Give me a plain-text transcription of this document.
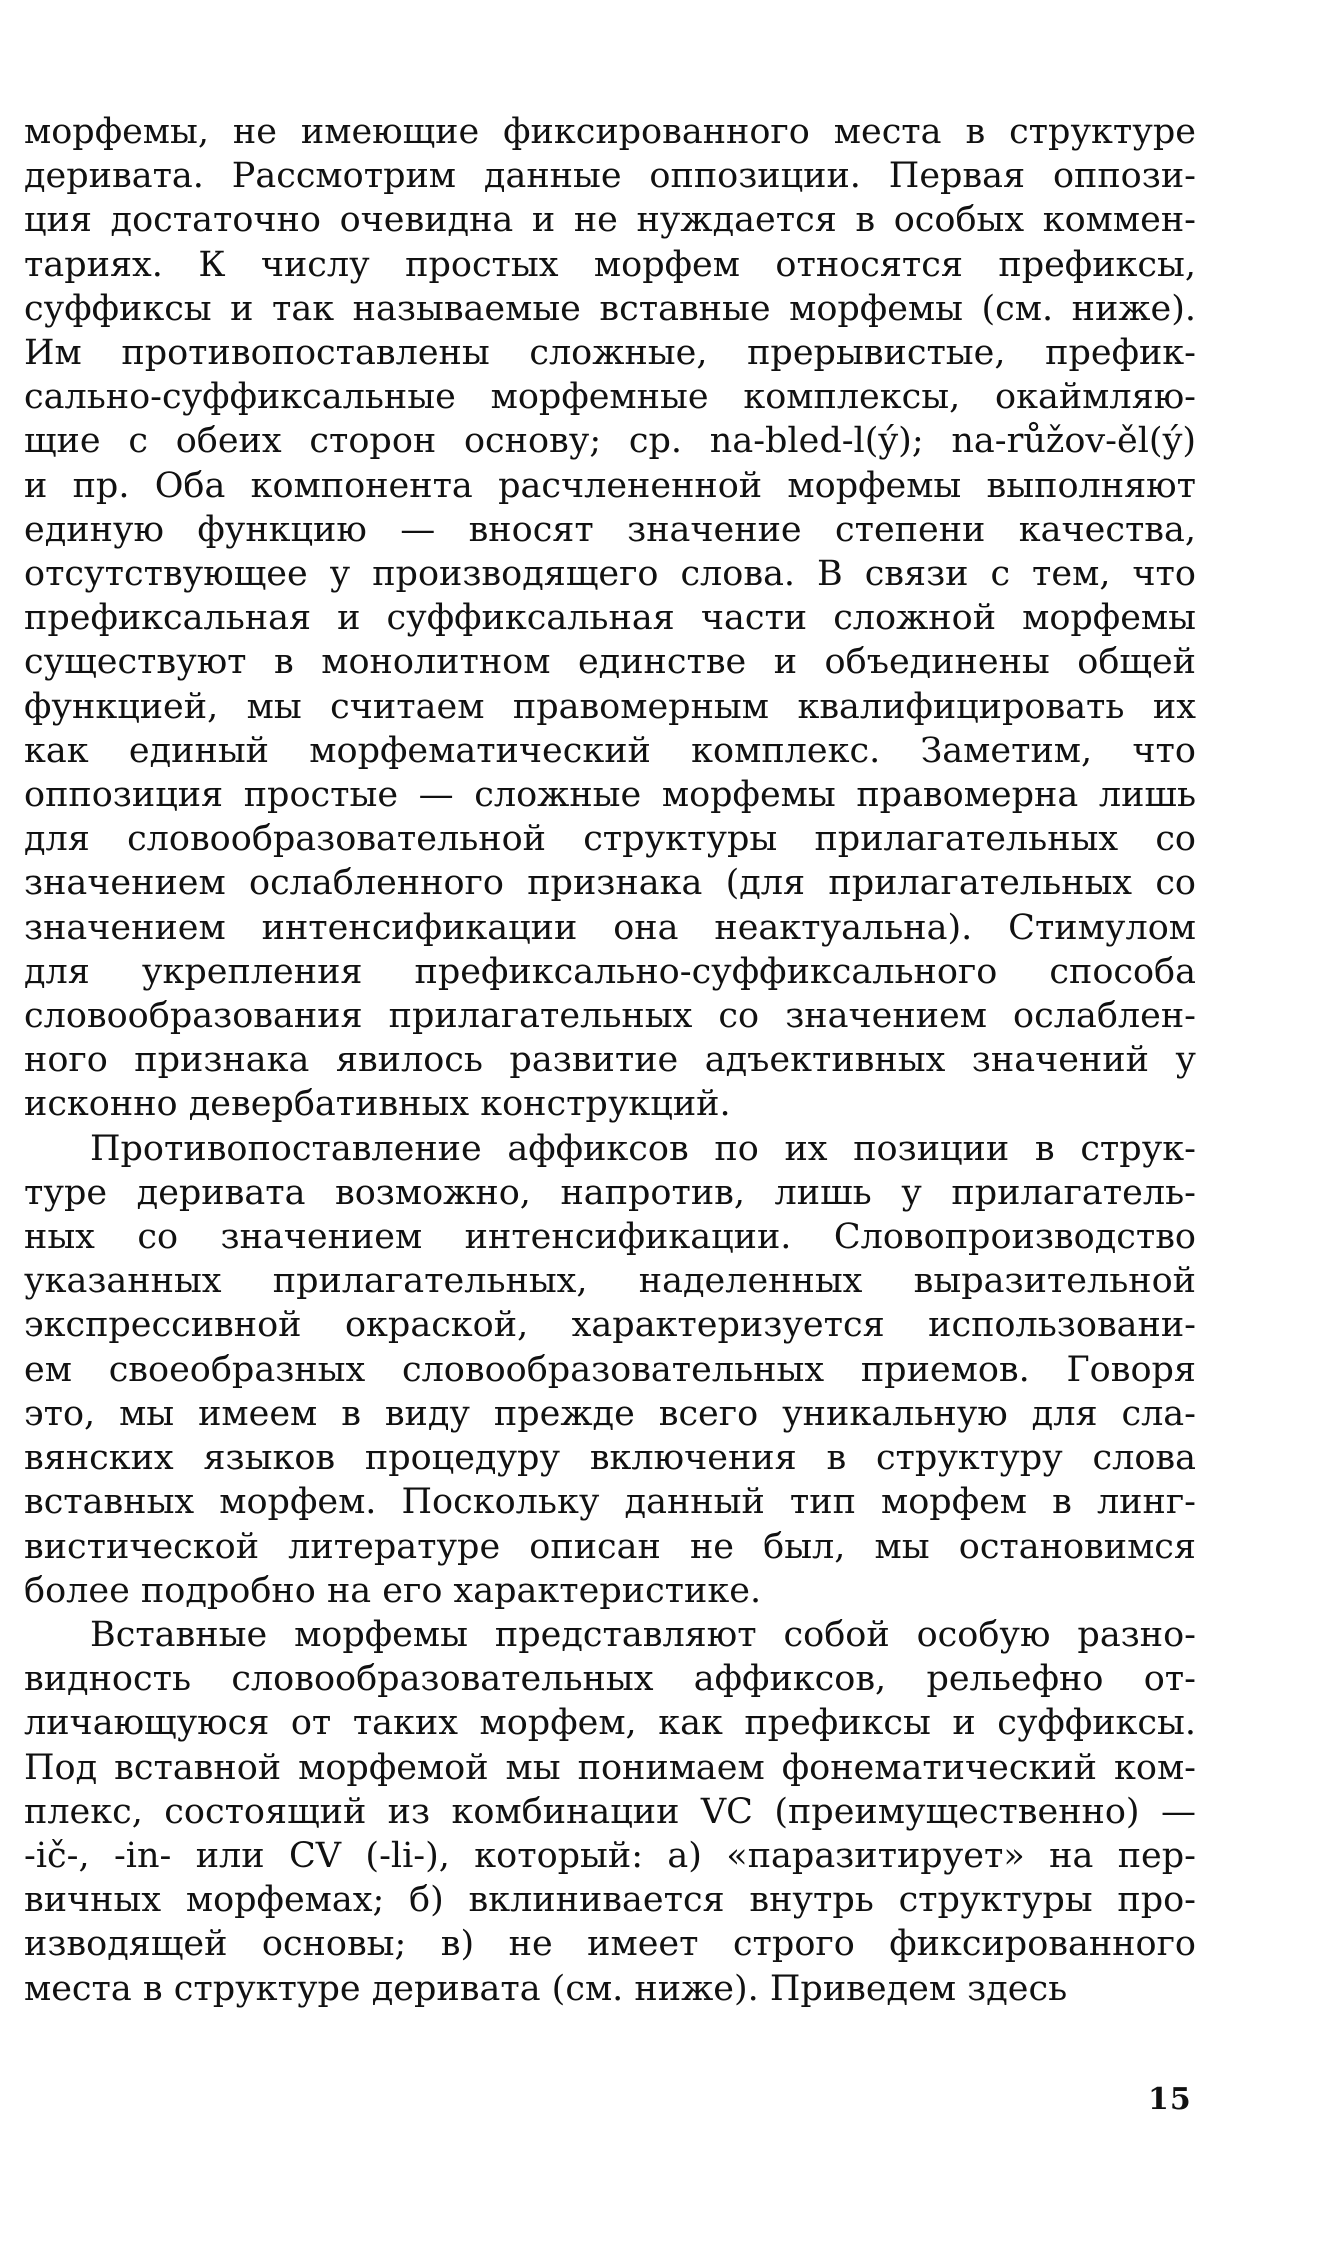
морфемы, не имеющие фиксированного места в структуре
деривата. Рассмотрим данные оппозиции. Первая оппози-
ция достаточно очевидна и не нуждается в особых коммен-
тариях. К числу простых морфем относятся префиксы,
суффиксы и так называемые вставные морфемы (см. ниже).
Им противопоставлены сложные, прерывистые, префик-
сально-суффиксальные морфемные комплексы, окаймляю-
щие с обеих сторон основу; ср. na-bled-l(ý); na-růžov-ěl(ý)
и пр. Оба компонента расчлененной морфемы выполняют
единую функцию — вносят значение степени качества,
отсутствующее у производящего слова. В связи с тем, что
префиксальная и суффиксальная части сложной морфемы
существуют в монолитном единстве и объединены общей
функцией, мы считаем правомерным квалифицировать их
как единый морфематический комплекс. Заметим, что
оппозиция простые — сложные морфемы правомерна лишь
для словообразовательной структуры прилагательных со
значением ослабленного признака (для прилагательных со
значением интенсификации она неактуальна). Стимулом
для укрепления префиксально-суффиксального способа
словообразования прилагательных со значением ослаблен-
ного признака явилось развитие адъективных значений у
исконно девербативных конструкций.
Противопоставление аффиксов по их позиции в струк-
туре деривата возможно, напротив, лишь у прилагатель-
ных со значением интенсификации. Словопроизводство
указанных прилагательных, наделенных выразительной
экспрессивной окраской, характеризуется использовани-
ем своеобразных словообразовательных приемов. Говоря
это, мы имеем в виду прежде всего уникальную для сла-
вянских языков процедуру включения в структуру слова
вставных морфем. Поскольку данный тип морфем в линг-
вистической литературе описан не был, мы остановимся
более подробно на его характеристике.
Вставные морфемы представляют собой особую разно-
видность словообразовательных аффиксов, рельефно от-
личающуюся от таких морфем, как префиксы и суффиксы.
Под вставной морфемой мы понимаем фонематический ком-
плекс, состоящий из комбинации VC (преимущественно) —
-ič-, -in- или CV (-li-), который: а) «паразитирует» на пер-
вичных морфемах; б) вклинивается внутрь структуры про-
изводящей основы; в) не имеет строго фиксированного
места в структуре деривата (см. ниже). Приведем здесь
15
